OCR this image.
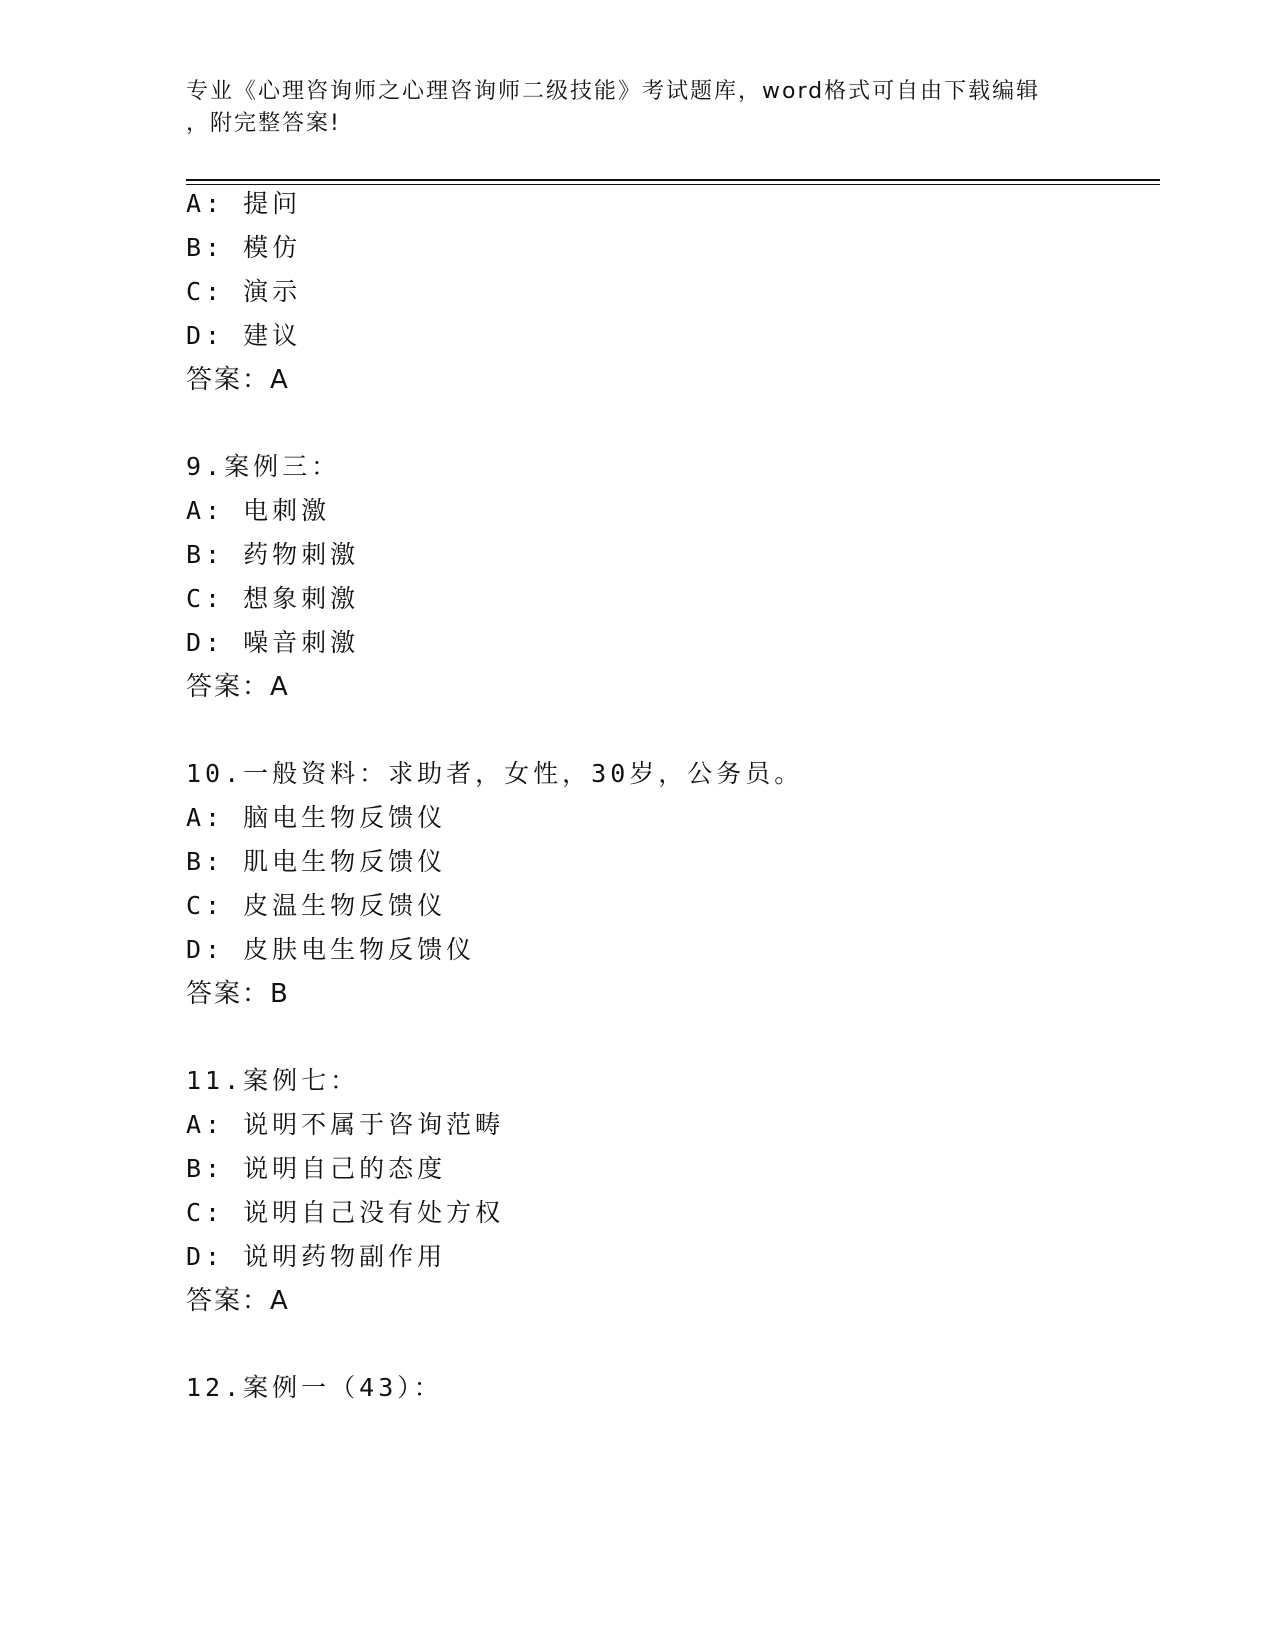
专业《心理咨询师之心理咨询师二级技能》考试题库，word格式可自由下载编辑
，附完整答案!
A: 提问
B: 模仿
C: 演示
D: 建议
答案：A
9.案例三：
A: 电刺激
B: 药物刺激
C: 想象刺激
D: 噪音刺激
答案：A
10.一般资料：求助者，女性，30岁，公务员。
A: 脑电生物反馈仪
B: 肌电生物反馈仪
C: 皮温生物反馈仪
D: 皮肤电生物反馈仪
答案：B
11.案例七：
A: 说明不属于咨询范畴
B: 说明自己的态度
C: 说明自己没有处方权
D: 说明药物副作用
答案：A
12.案例一（43）：
